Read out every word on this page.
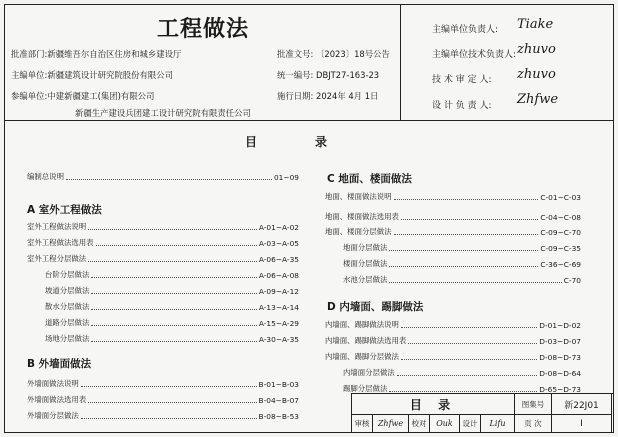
工程做法
批准部门:新疆维吾尔自治区住房和城乡建设厅	批准文号: 〔2023〕18号公告
主编单位:新疆建筑设计研究院股份有限公司	统一编号: DBJT27-163-23
参编单位:中建新疆建工(集团)有限公司	施行日期: 2024年 4月 1日
新疆生产建设兵团建工设计研究院有限责任公司
主编单位负责人: Tiake
主编单位技术负责人: zhuvo
技 术 审 定 人: zhuvo
设 计 负 责 人: Zhfwe
目	录
编制总说明	01~09
A 室外工程做法
室外工程做法说明	A-01~A-02
室外工程做法选用表	A-03~A-05
室外工程分层做法	A-06~A-35
台阶分层做法	A-06~A-08
坡道分层做法	A-09~A-12
散水分层做法	A-13~A-14
道路分层做法	A-15~A-29
场地分层做法	A-30~A-35
B 外墙面做法
外墙面做法说明	B-01~B-03
外墙面做法选用表	B-04~B-07
外墙面分层做法	B-08~B-53
C 地面、楼面做法
地面、楼面做法说明	C-01~C-03
地面、楼面做法选用表	C-04~C-08
地面、楼面分层做法	C-09~C-70
地面分层做法	C-09~C-35
楼面分层做法	C-36~C-69
水池分层做法	C-70
D 内墙面、踢脚做法
内墙面、踢脚做法说明	D-01~D-02
内墙面、踢脚做法选用表	D-03~D-07
内墙面、踢脚分层做法	D-08~D-73
内墙面分层做法	D-08~D-64
踢脚分层做法	D-65~D-73
目 录	图集号	新22J01
审核	Zhfwe	校对	Ouk	设计	Lifu	页 次	I
